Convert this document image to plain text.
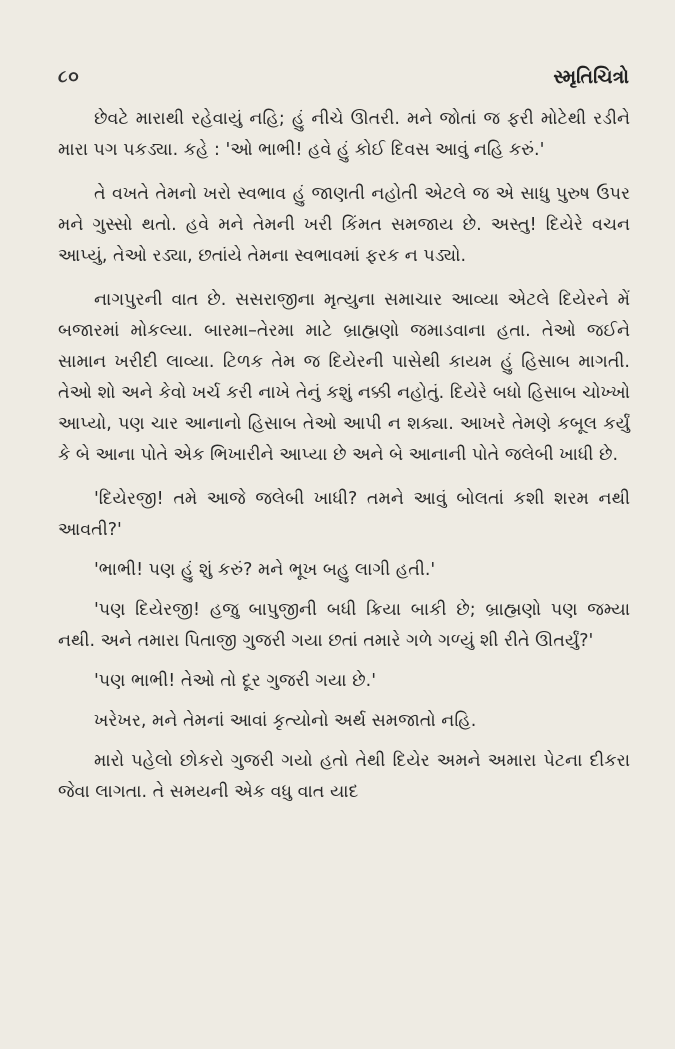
૮૦	સ્મૃતિચિત્રો

છેવટે મારાથી રહેવાયું નહિ; હું નીચે ઊતરી. મને જોતાં જ ફરી મોટેથી રડીને મારા પગ પકડ્યા. કહે : 'ઓ ભાભી! હવે હું કોઈ દિવસ આવું નહિ કરું.'

તે વખતે તેમનો ખરો સ્વભાવ હું જાણતી નહોતી એટલે જ એ સાધુ પુરુષ ઉપર મને ગુસ્સો થતો. હવે મને તેમની ખરી કિંમત સમજાય છે. અસ્તુ! દિયેરે વચન આપ્યું, તેઓ રડ્યા, છતાંયે તેમના સ્વભાવમાં ફરક ન પડ્યો.

નાગપુરની વાત છે. સસરાજીના મૃત્યુના સમાચાર આવ્યા એટલે દિયેરને મેં બજારમાં મોકલ્યા. બારમા–તેરમા માટે બ્રાહ્મણો જમાડવાના હતા. તેઓ જઈને સામાન ખરીદી લાવ્યા. ટિળક તેમ જ દિયેરની પાસેથી કાયમ હું હિસાબ માગતી. તેઓ શો અને કેવો ખર્ચ કરી નાખે તેનું કશું નક્કી નહોતું. દિયેરે બધો હિસાબ ચોખ્ખો આપ્યો, પણ ચાર આનાનો હિસાબ તેઓ આપી ન શક્યા. આખરે તેમણે કબૂલ કર્યું કે બે આના પોતે એક ભિખારીને આપ્યા છે અને બે આનાની પોતે જલેબી ખાધી છે.

'દિયેરજી! તમે આજે જલેબી ખાધી? તમને આવું બોલતાં કશી શરમ નથી આવતી?'

'ભાભી! પણ હું શું કરું? મને ભૂખ બહુ લાગી હતી.'

'પણ દિયેરજી! હજુ બાપુજીની બધી ક્રિયા બાકી છે; બ્રાહ્મણો પણ જમ્યા નથી. અને તમારા પિતાજી ગુજરી ગયા છતાં તમારે ગળે ગળ્યું શી રીતે ઊતર્યું?'

'પણ ભાભી! તેઓ તો દૂર ગુજરી ગયા છે.'

ખરેખર, મને તેમનાં આવાં કૃત્યોનો અર્થ સમજાતો નહિ.

મારો પહેલો છોકરો ગુજરી ગયો હતો તેથી દિયેર અમને અમારા પેટના દીકરા જેવા લાગતા. તે સમયની એક વધુ વાત યાદ
